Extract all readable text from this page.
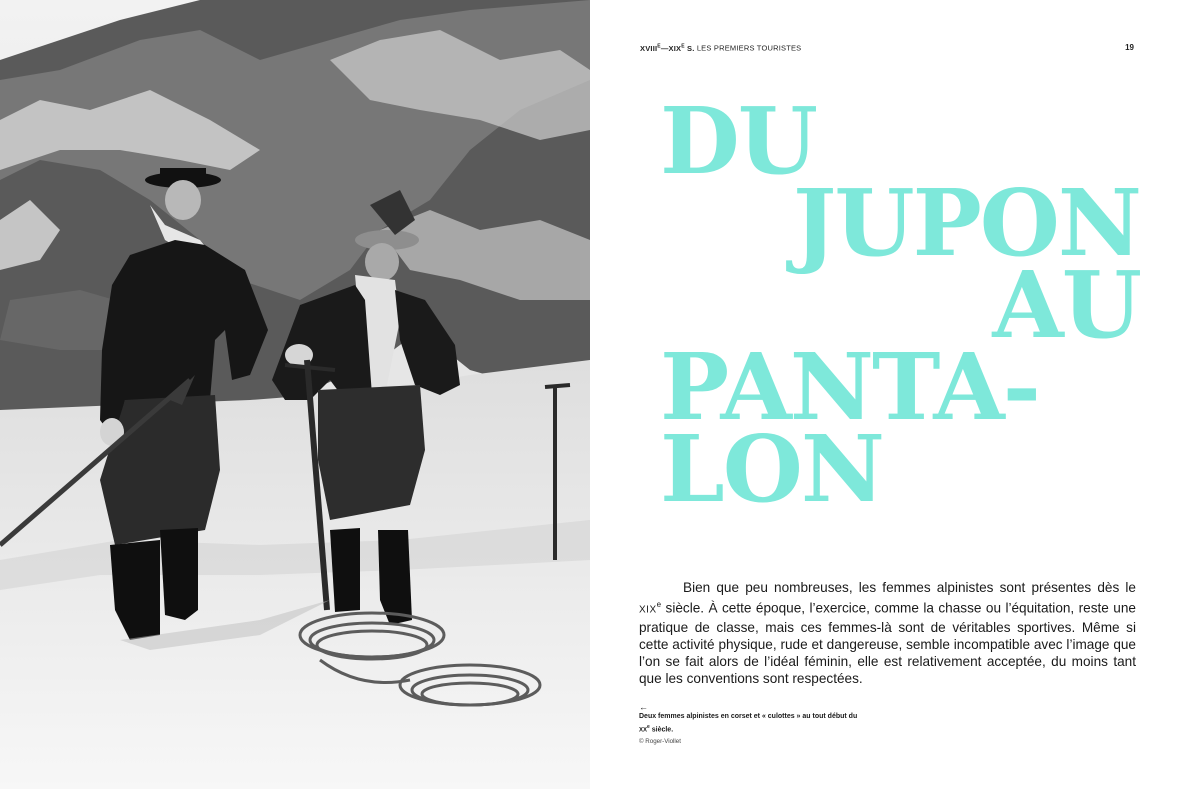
$XVIII^E—XIX^E$ S. LES PREMIERS TOURISTES	19
DU
JUPON
AU
PANTA-
LON

Bien que peu nombreuses, les femmes alpinistes sont présentes dès le XIXe siècle. À cette époque, l’exercice, comme la chasse ou l’équitation, reste une pratique de classe, mais ces femmes-là sont de véritables sportives. Même si cette activité physique, rude et dangereuse, semble incompatible avec l’image que l’on se fait alors de l’idéal féminin, elle est relativement acceptée, du moins tant que les conventions sont respectées.

←
Deux femmes alpinistes en corset et « culottes » au tout début du XXe siècle.
© Roger-Viollet
